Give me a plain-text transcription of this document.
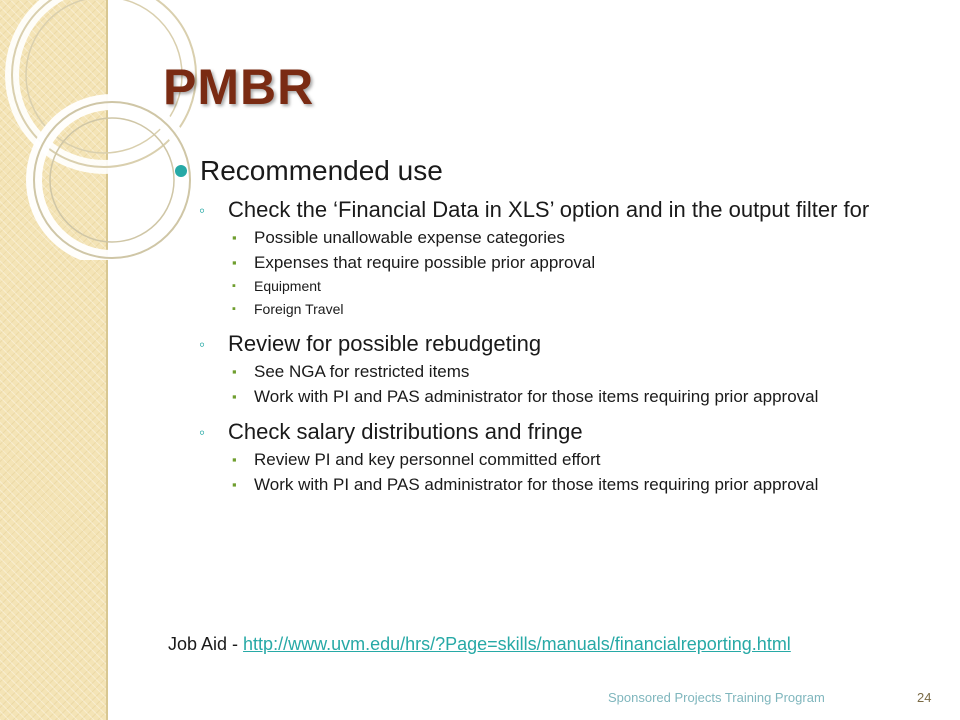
PMBR
Recommended use
◦ Check the ‘Financial Data in XLS’ option and in the output filter for
▪ Possible unallowable expense categories
▪ Expenses that require possible prior approval
▪ Equipment
▪ Foreign Travel
◦ Review for possible rebudgeting
▪ See NGA for restricted items
▪ Work with PI and PAS administrator for those items requiring prior approval
◦ Check salary distributions and fringe
▪ Review PI and key personnel committed effort
▪ Work with PI and PAS administrator for those items requiring prior approval
Job Aid - http://www.uvm.edu/hrs/?Page=skills/manuals/financialreporting.html
Sponsored Projects Training Program	24
